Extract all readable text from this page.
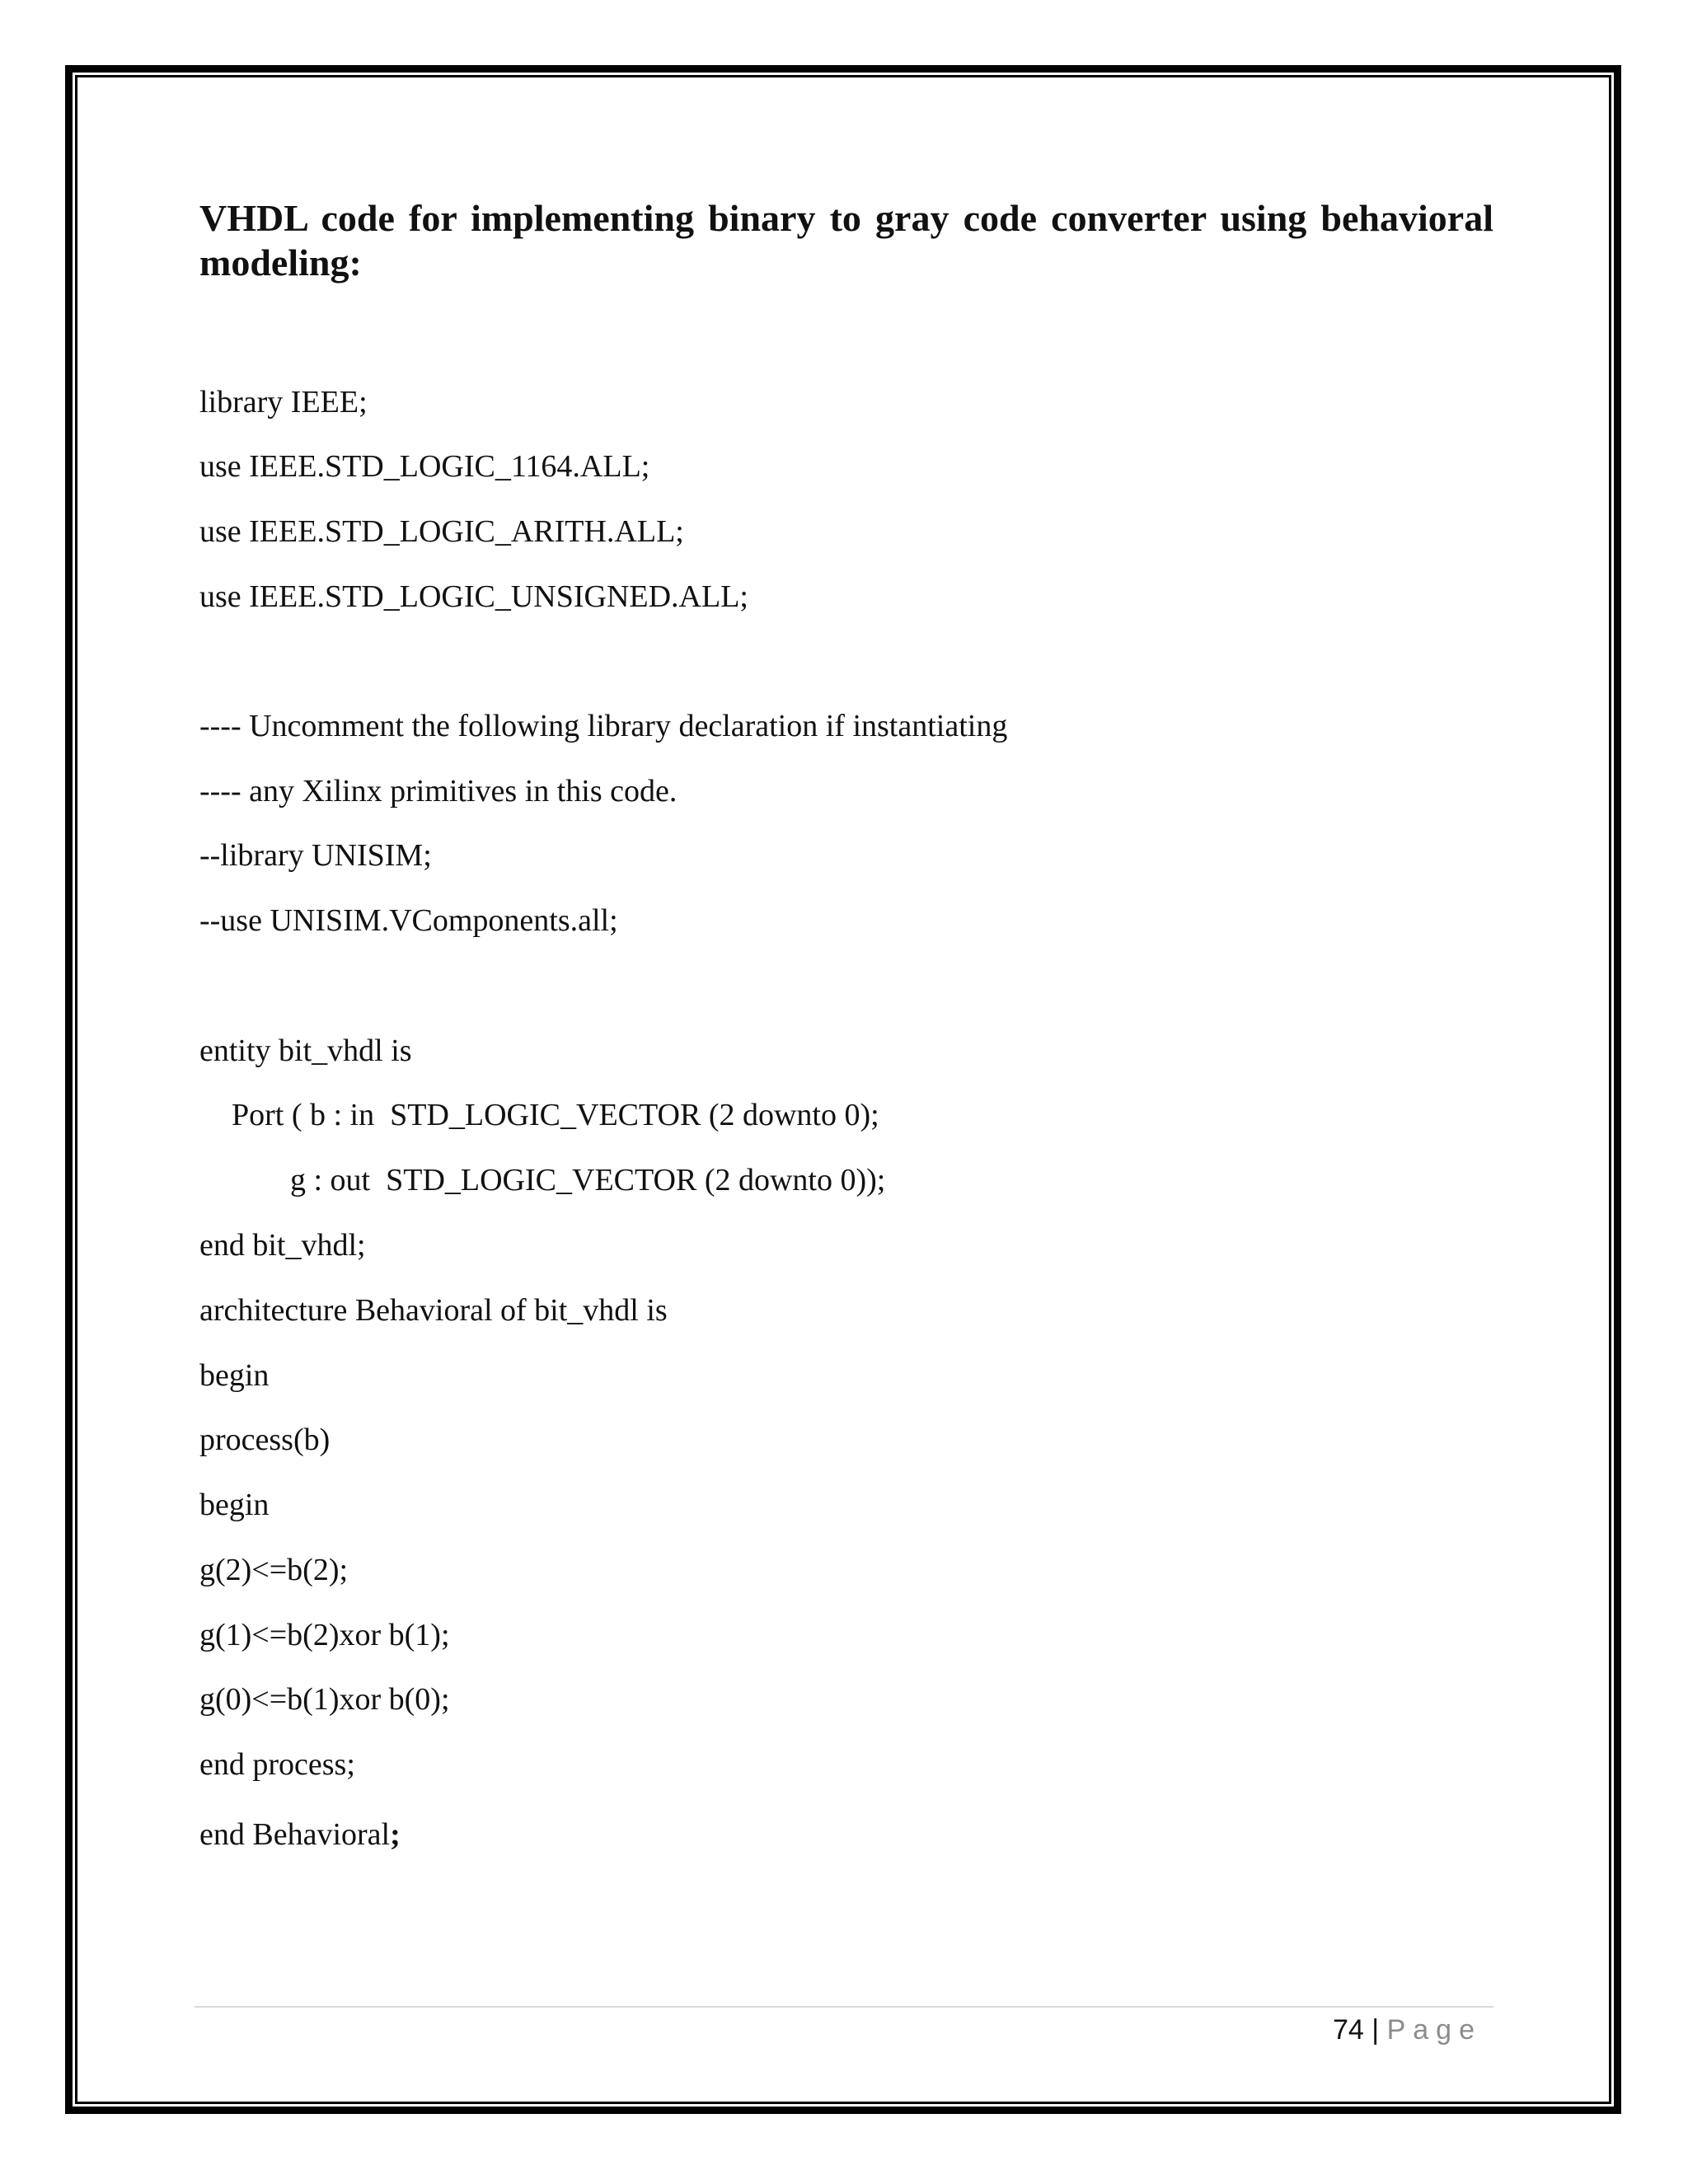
VHDL code for implementing binary to gray code converter using behavioral modeling:
library IEEE;
use IEEE.STD_LOGIC_1164.ALL;
use IEEE.STD_LOGIC_ARITH.ALL;
use IEEE.STD_LOGIC_UNSIGNED.ALL;
---- Uncomment the following library declaration if instantiating
---- any Xilinx primitives in this code.
--library UNISIM;
--use UNISIM.VComponents.all;
entity bit_vhdl is
Port ( b : in  STD_LOGIC_VECTOR (2 downto 0);
g : out  STD_LOGIC_VECTOR (2 downto 0));
end bit_vhdl;
architecture Behavioral of bit_vhdl is
begin
process(b)
begin
g(2)<=b(2);
g(1)<=b(2)xor b(1);
g(0)<=b(1)xor b(0);
end process;
end Behavioral;
74 | Page
